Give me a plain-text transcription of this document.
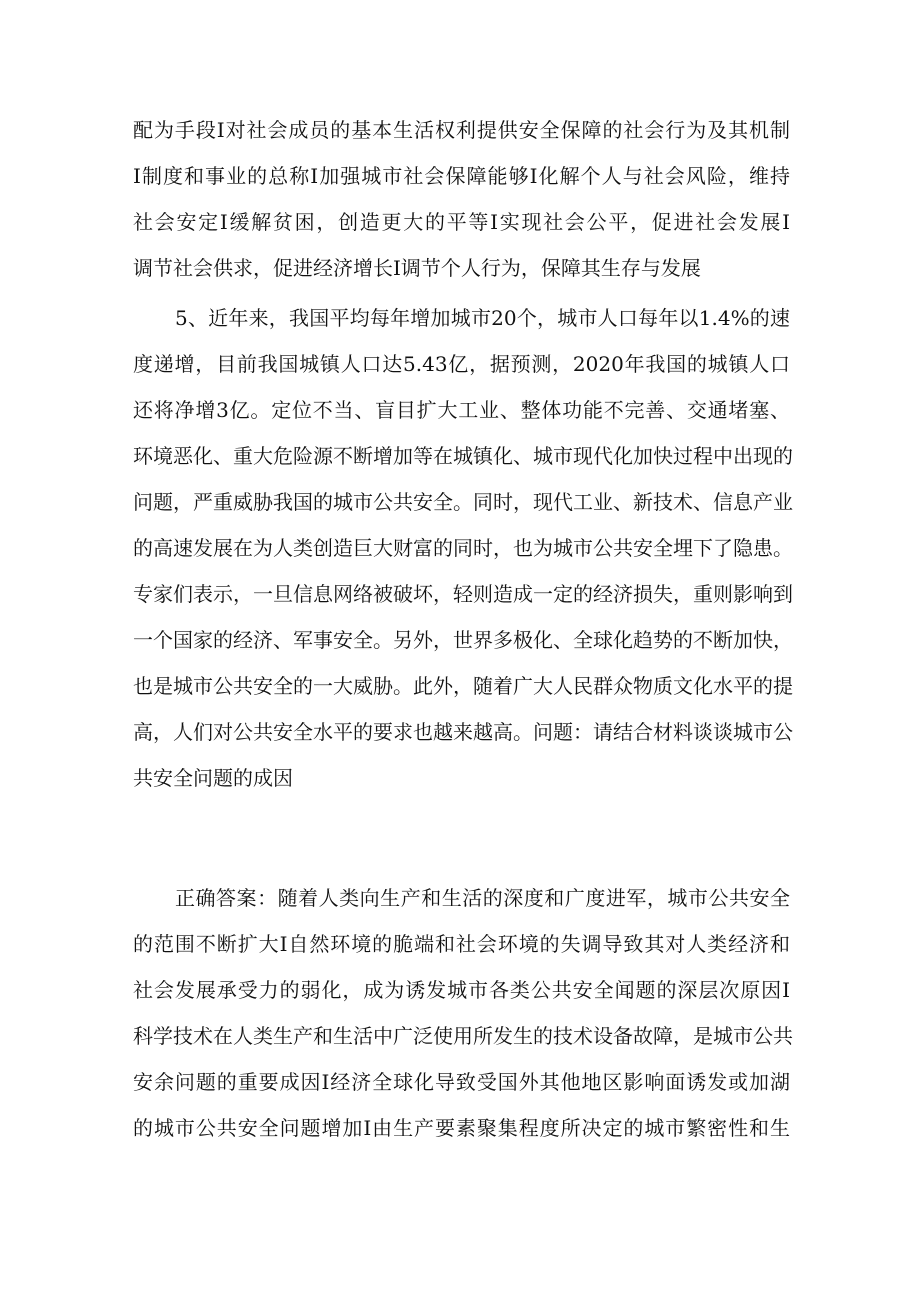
配为手段Ⅰ对社会成员的基本生活权利提供安全保障的社会行为及其机制
Ⅰ制度和事业的总称Ⅰ加强城市社会保障能够Ⅰ化解个人与社会风险，维持
社会安定Ⅰ缓解贫困，创造更大的平等Ⅰ实现社会公平，促进社会发展Ⅰ
调节社会供求，促进经济增长Ⅰ调节个人行为，保障其生存与发展
5、近年来，我国平均每年增加城市20个，城市人口每年以1.4%的速
度递增，目前我国城镇人口达5.43亿，据预测，2020年我国的城镇人口
还将净增3亿。定位不当、盲目扩大工业、整体功能不完善、交通堵塞、
环境恶化、重大危险源不断增加等在城镇化、城市现代化加快过程中出现的
问题，严重威胁我国的城市公共安全。同时，现代工业、新技术、信息产业
的高速发展在为人类创造巨大财富的同时，也为城市公共安全埋下了隐患。
专家们表示，一旦信息网络被破坏，轻则造成一定的经济损失，重则影响到
一个国家的经济、军事安全。另外，世界多极化、全球化趋势的不断加快，
也是城市公共安全的一大威胁。此外，随着广大人民群众物质文化水平的提
高，人们对公共安全水平的要求也越来越高。问题：请结合材料谈谈城市公
共安全问题的成因
正确答案：随着人类向生产和生活的深度和广度进军，城市公共安全
的范围不断扩大Ⅰ自然环境的脆端和社会环境的失调导致其对人类经济和
社会发展承受力的弱化，成为诱发城市各类公共安全闻题的深层次原因Ⅰ
科学技术在人类生产和生活中广泛使用所发生的技术设备故障，是城市公共
安余问题的重要成因Ⅰ经济全球化导致受国外其他地区影响面诱发或加湖
的城市公共安全问题增加Ⅰ由生产要素聚集程度所决定的城市繁密性和生
